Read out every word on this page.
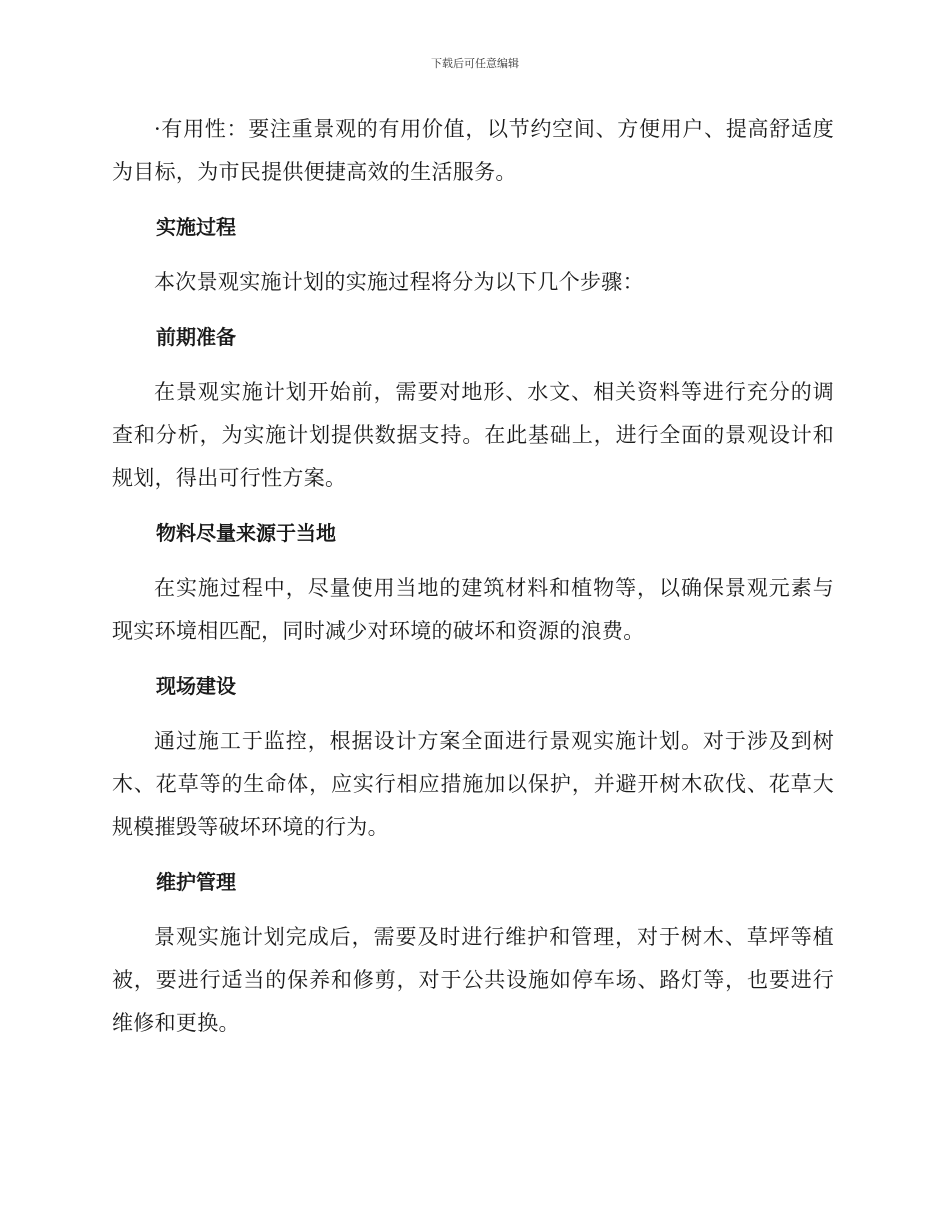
下载后可任意编辑

·有用性：要注重景观的有用价值，以节约空间、方便用户、提高舒适度为目标，为市民提供便捷高效的生活服务。

实施过程

本次景观实施计划的实施过程将分为以下几个步骤：

前期准备

在景观实施计划开始前，需要对地形、水文、相关资料等进行充分的调查和分析，为实施计划提供数据支持。在此基础上，进行全面的景观设计和规划，得出可行性方案。

物料尽量来源于当地

在实施过程中，尽量使用当地的建筑材料和植物等，以确保景观元素与现实环境相匹配，同时减少对环境的破坏和资源的浪费。

现场建设

通过施工于监控，根据设计方案全面进行景观实施计划。对于涉及到树木、花草等的生命体，应实行相应措施加以保护，并避开树木砍伐、花草大规模摧毁等破坏环境的行为。

维护管理

景观实施计划完成后，需要及时进行维护和管理，对于树木、草坪等植被，要进行适当的保养和修剪，对于公共设施如停车场、路灯等，也要进行维修和更换。
